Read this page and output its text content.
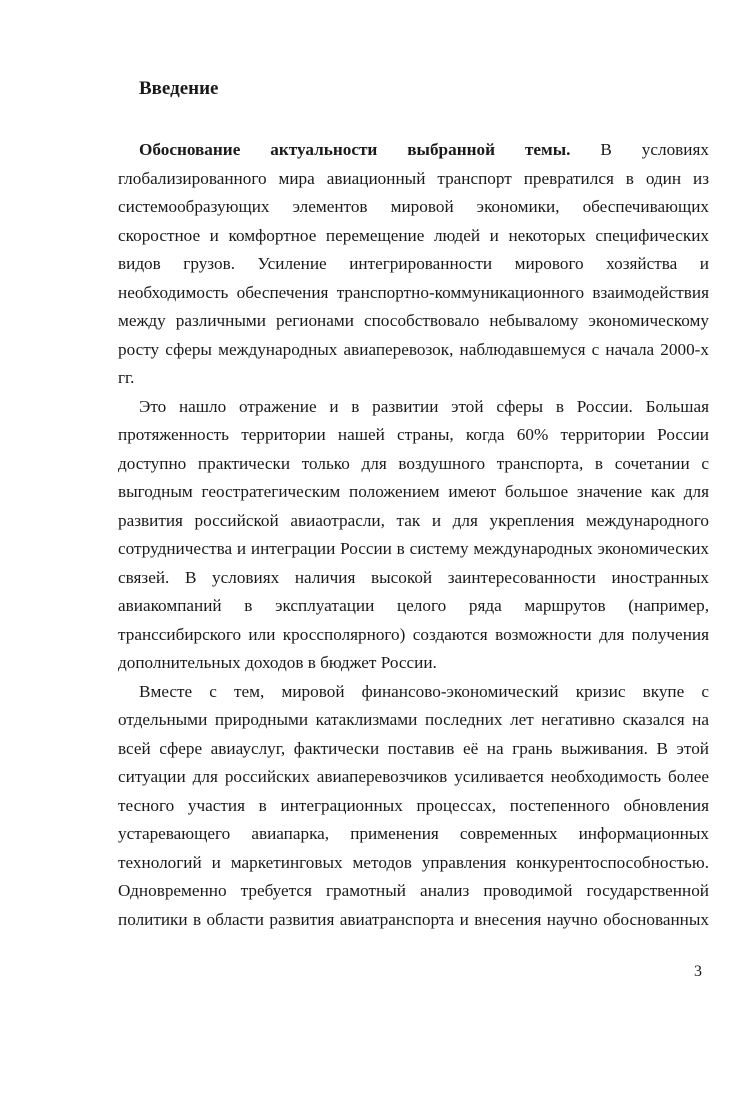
Введение
Обоснование актуальности выбранной темы. В условиях
глобализированного мира авиационный транспорт превратился в один из
системообразующих элементов мировой экономики, обеспечивающих
скоростное и комфортное перемещение людей и некоторых специфических
видов грузов. Усиление интегрированности мирового хозяйства и
необходимость обеспечения транспортно-коммуникационного взаимодействия
между различными регионами способствовало небывалому экономическому
росту сферы международных авиаперевозок, наблюдавшемуся с начала 2000-х
гг.
Это нашло отражение и в развитии этой сферы в России. Большая
протяженность территории нашей страны, когда 60% территории России
доступно практически только для воздушного транспорта, в сочетании с
выгодным геостратегическим положением имеют большое значение как для
развития российской авиаотрасли, так и для укрепления международного
сотрудничества и интеграции России в систему международных экономических
связей. В условиях наличия высокой заинтересованности иностранных
авиакомпаний в эксплуатации целого ряда маршрутов (например,
транссибирского или кроссполярного) создаются возможности для получения
дополнительных доходов в бюджет России.
Вместе с тем, мировой финансово-экономический кризис вкупе с
отдельными природными катаклизмами последних лет негативно сказался на
всей сфере авиауслуг, фактически поставив её на грань выживания. В этой
ситуации для российских авиаперевозчиков усиливается необходимость более
тесного участия в интеграционных процессах, постепенного обновления
устаревающего авиапарка, применения современных информационных
технологий и маркетинговых методов управления конкурентоспособностью.
Одновременно требуется грамотный анализ проводимой государственной
политики в области развития авиатранспорта и внесения научно обоснованных
3
